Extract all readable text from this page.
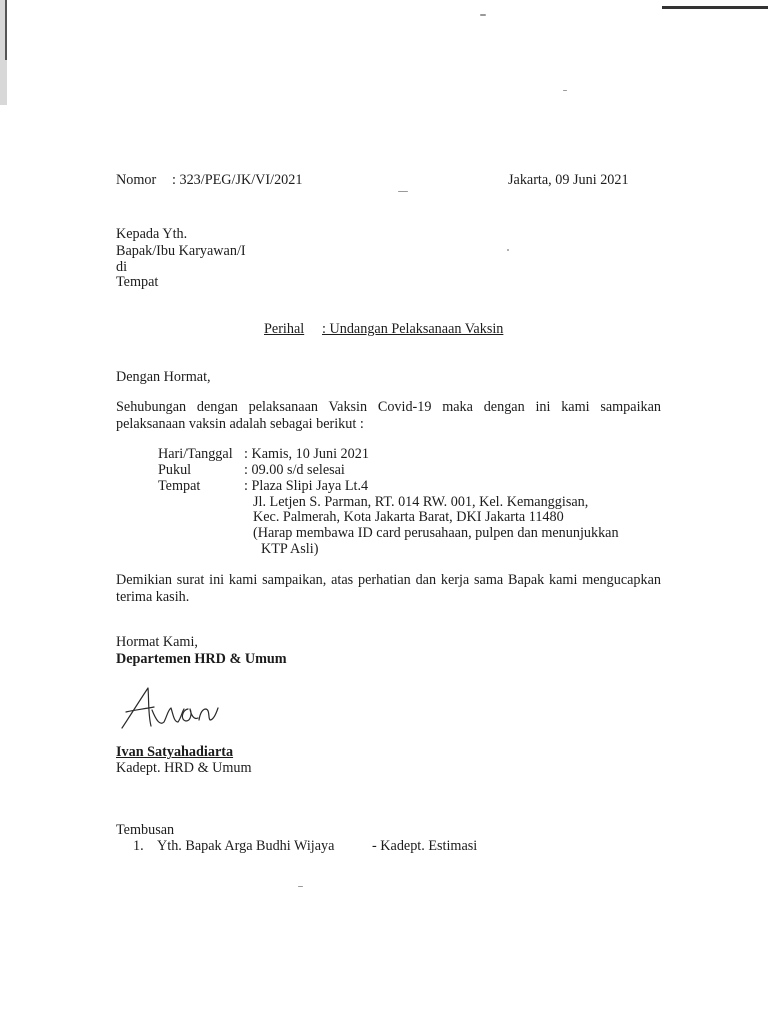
Nomor : 323/PEG/JK/VI/2021	Jakarta, 09 Juni 2021
Kepada Yth.
Bapak/Ibu Karyawan/I
di
Tempat
Perihal : Undangan Pelaksanaan Vaksin
Dengan Hormat,
Sehubungan dengan pelaksanaan Vaksin Covid-19 maka dengan ini kami sampaikan pelaksanaan vaksin adalah sebagai berikut :
Hari/Tanggal : Kamis, 10 Juni 2021
Pukul	: 09.00 s/d selesai
Tempat	: Plaza Slipi Jaya Lt.4
Jl. Letjen S. Parman, RT. 014 RW. 001, Kel. Kemanggisan,
Kec. Palmerah, Kota Jakarta Barat, DKI Jakarta 11480
(Harap membawa ID card perusahaan, pulpen dan menunjukkan
KTP Asli)
Demikian surat ini kami sampaikan, atas perhatian dan kerja sama Bapak kami mengucapkan terima kasih.
Hormat Kami,
Departemen HRD & Umum
Ivan Satyahadiarta
Kadept. HRD & Umum
Tembusan
1. Yth. Bapak Arga Budhi Wijaya	- Kadept. Estimasi
